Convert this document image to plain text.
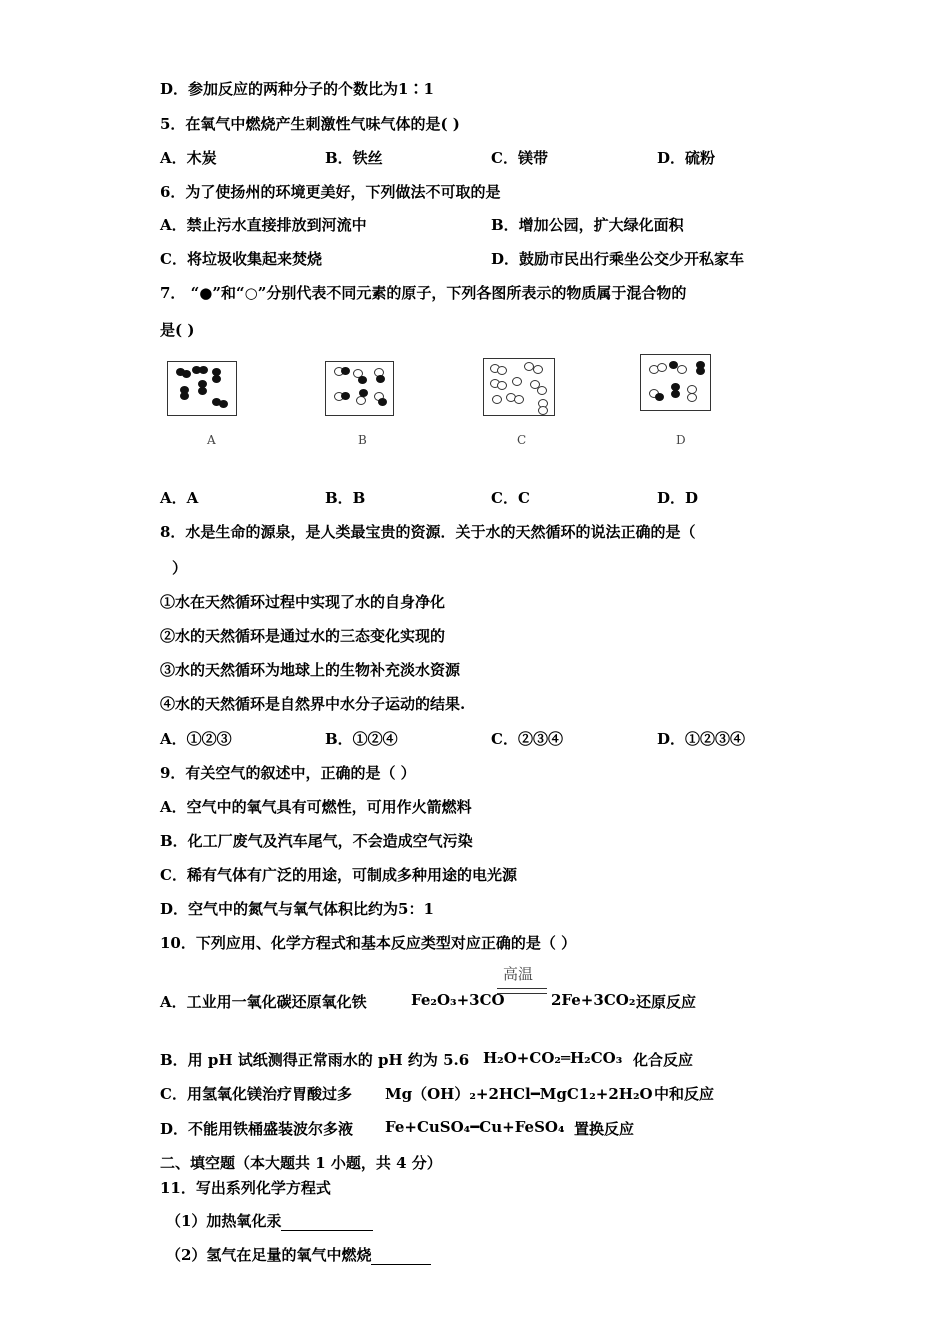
D．参加反应的两种分子的个数比为1∶1
5．在氧气中燃烧产生刺激性气味气体的是( )
A．木炭	B．铁丝	C．镁带	D．硫粉
6．为了使扬州的环境更美好，下列做法不可取的是
A．禁止污水直接排放到河流中	B．增加公园，扩大绿化面积
C．将垃圾收集起来焚烧	D．鼓励市民出行乘坐公交少开私家车
7． “●”和“○”分别代表不同元素的原子，下列各图所表示的物质属于混合物的
是( )
A	B	C	D
A．A	B．B	C．C	D．D
8．水是生命的源泉，是人类最宝贵的资源．关于水的天然循环的说法正确的是（
）
①水在天然循环过程中实现了水的自身净化
②水的天然循环是通过水的三态变化实现的
③水的天然循环为地球上的生物补充淡水资源
④水的天然循环是自然界中水分子运动的结果.
A．①②③	B．①②④	C．②③④	D．①②③④
9．有关空气的叙述中，正确的是（ ）
A．空气中的氧气具有可燃性，可用作火箭燃料
B．化工厂废气及汽车尾气，不会造成空气污染
C．稀有气体有广泛的用途，可制成多种用途的电光源
D．空气中的氮气与氧气体积比约为5：1
10．下列应用、化学方程式和基本反应类型对应正确的是（ ）
A．工业用一氧化碳还原氧化铁	Fe₂O₃+3CO
高温
2Fe+3CO₂ 还原反应
B．用 pH 试纸测得正常雨水的 pH 约为 5.6 H₂O+CO₂═H₂CO₃ 化合反应
C．用氢氧化镁治疗胃酸过多 Mg（OH）₂+2HCl━MgC1₂+2H₂O 中和反应
D．不能用铁桶盛装波尔多液 Fe+CuSO₄━Cu+FeSO₄ 置换反应
二、填空题（本大题共 1 小题，共 4 分）
11．写出系列化学方程式
（1）加热氧化汞
（2）氢气在足量的氧气中燃烧
